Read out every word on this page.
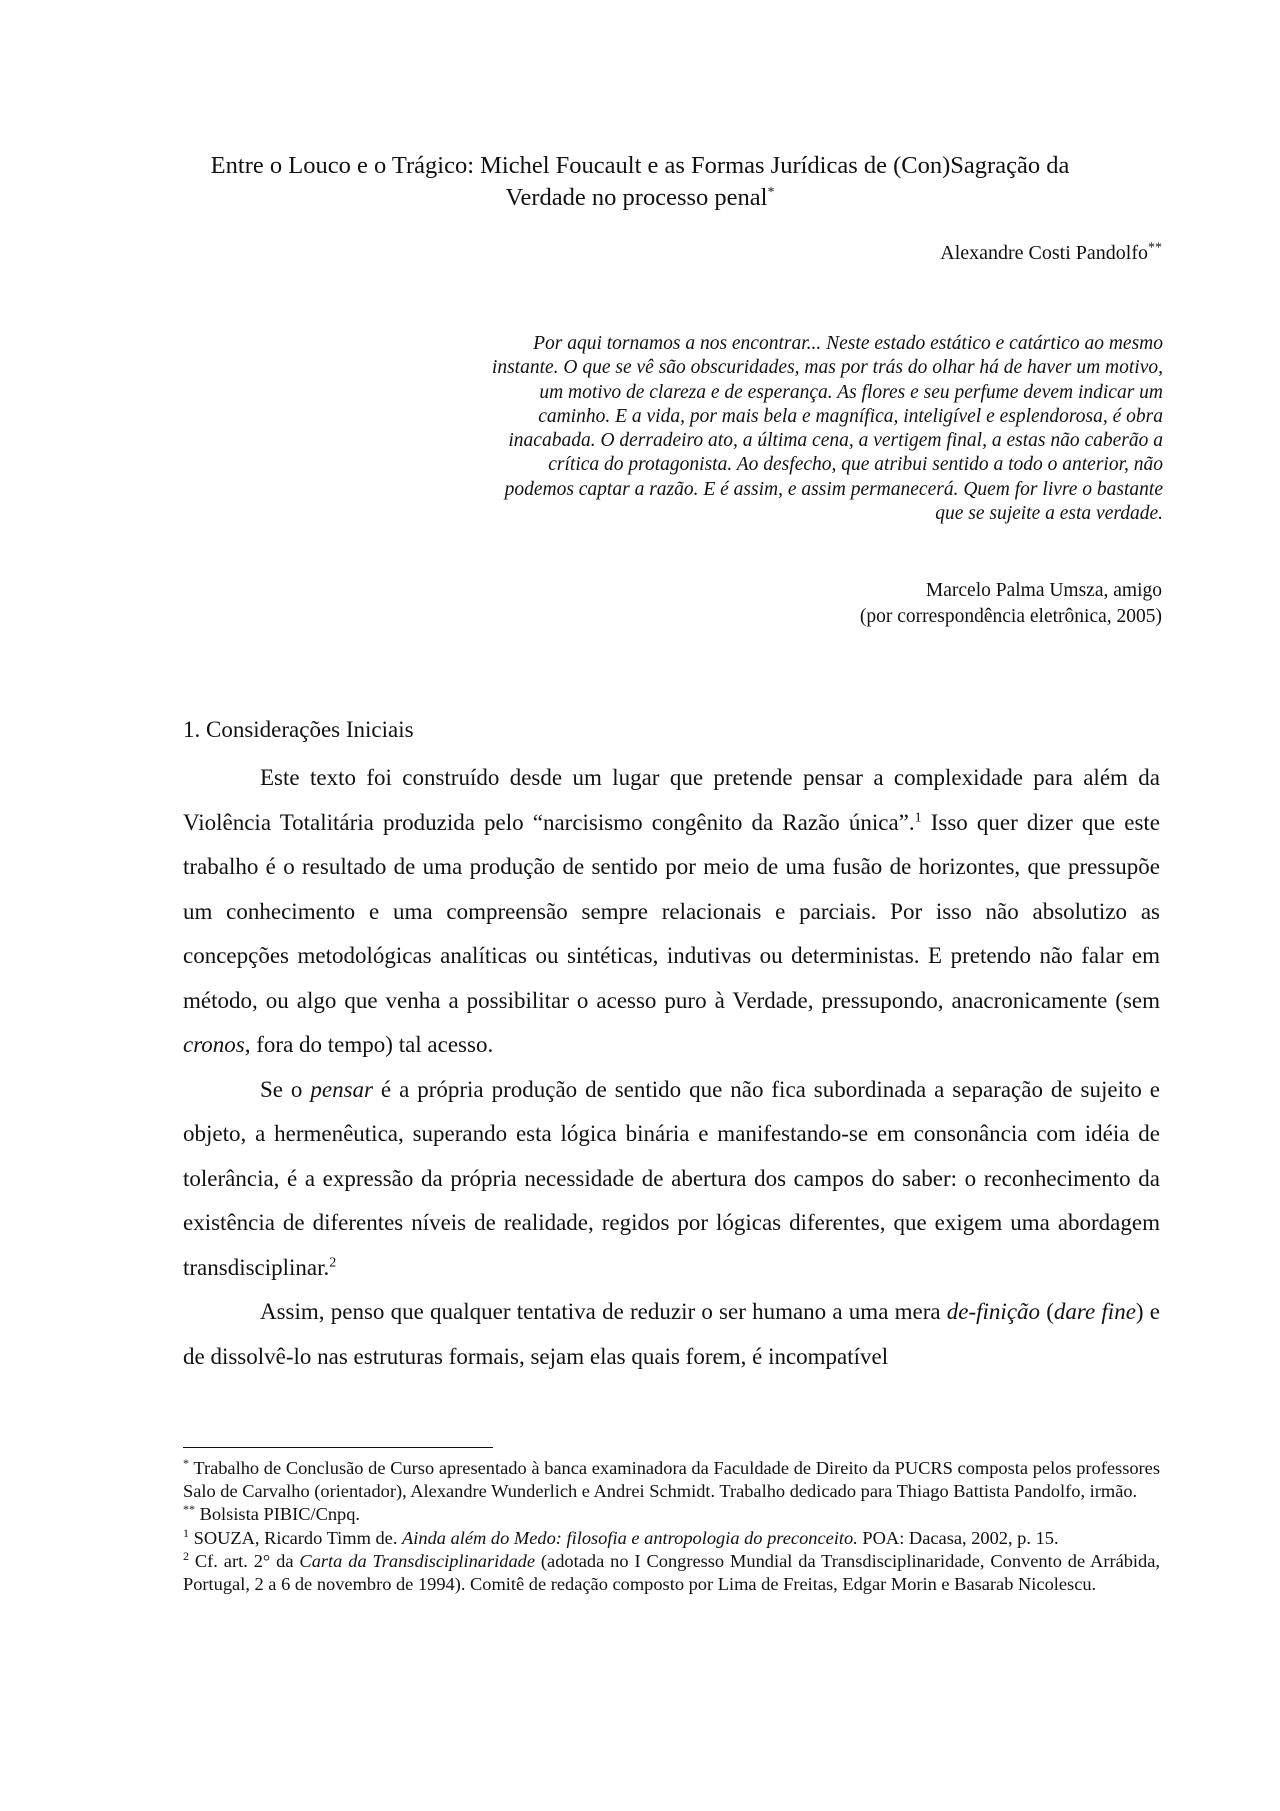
Entre o Louco e o Trágico: Michel Foucault e as Formas Jurídicas de (Con)Sagração da
Verdade no processo penal*
Alexandre Costi Pandolfo**

Por aqui tornamos a nos encontrar... Neste estado estático e catártico ao mesmo instante. O que se vê são obscuridades, mas por trás do olhar há de haver um motivo, um motivo de clareza e de esperança. As flores e seu perfume devem indicar um caminho. E a vida, por mais bela e magnífica, inteligível e esplendorosa, é obra inacabada. O derradeiro ato, a última cena, a vertigem final, a estas não caberão a crítica do protagonista. Ao desfecho, que atribui sentido a todo o anterior, não podemos captar a razão. E é assim, e assim permanecerá. Quem for livre o bastante que se sujeite a esta verdade.

Marcelo Palma Umsza, amigo
(por correspondência eletrônica, 2005)
1. Considerações Iniciais

Este texto foi construído desde um lugar que pretende pensar a complexidade para além da Violência Totalitária produzida pelo “narcisismo congênito da Razão única”.$^1$ Isso quer dizer que este trabalho é o resultado de uma produção de sentido por meio de uma fusão de horizontes, que pressupõe um conhecimento e uma compreensão sempre relacionais e parciais. Por isso não absolutizo as concepções metodológicas analíticas ou sintéticas, indutivas ou deterministas. E pretendo não falar em método, ou algo que venha a possibilitar o acesso puro à Verdade, pressupondo, anacronicamente (sem cronos, fora do tempo) tal acesso.

Se o pensar é a própria produção de sentido que não fica subordinada a separação de sujeito e objeto, a hermenêutica, superando esta lógica binária e manifestando-se em consonância com idéia de tolerância, é a expressão da própria necessidade de abertura dos campos do saber: o reconhecimento da existência de diferentes níveis de realidade, regidos por lógicas diferentes, que exigem uma abordagem transdisciplinar.$^2$

Assim, penso que qualquer tentativa de reduzir o ser humano a uma mera de-finição (dare fine) e de dissolvê-lo nas estruturas formais, sejam elas quais forem, é incompatível

* Trabalho de Conclusão de Curso apresentado à banca examinadora da Faculdade de Direito da PUCRS composta pelos professores Salo de Carvalho (orientador), Alexandre Wunderlich e Andrei Schmidt. Trabalho dedicado para Thiago Battista Pandolfo, irmão.

** Bolsista PIBIC/Cnpq.

$^1$ SOUZA, Ricardo Timm de. Ainda além do Medo: filosofia e antropologia do preconceito. POA: Dacasa, 2002, p. 15.

$^2$ Cf. art. 2° da Carta da Transdisciplinaridade (adotada no I Congresso Mundial da Transdisciplinaridade, Convento de Arrábida, Portugal, 2 a 6 de novembro de 1994). Comitê de redação composto por Lima de Freitas, Edgar Morin e Basarab Nicolescu.
